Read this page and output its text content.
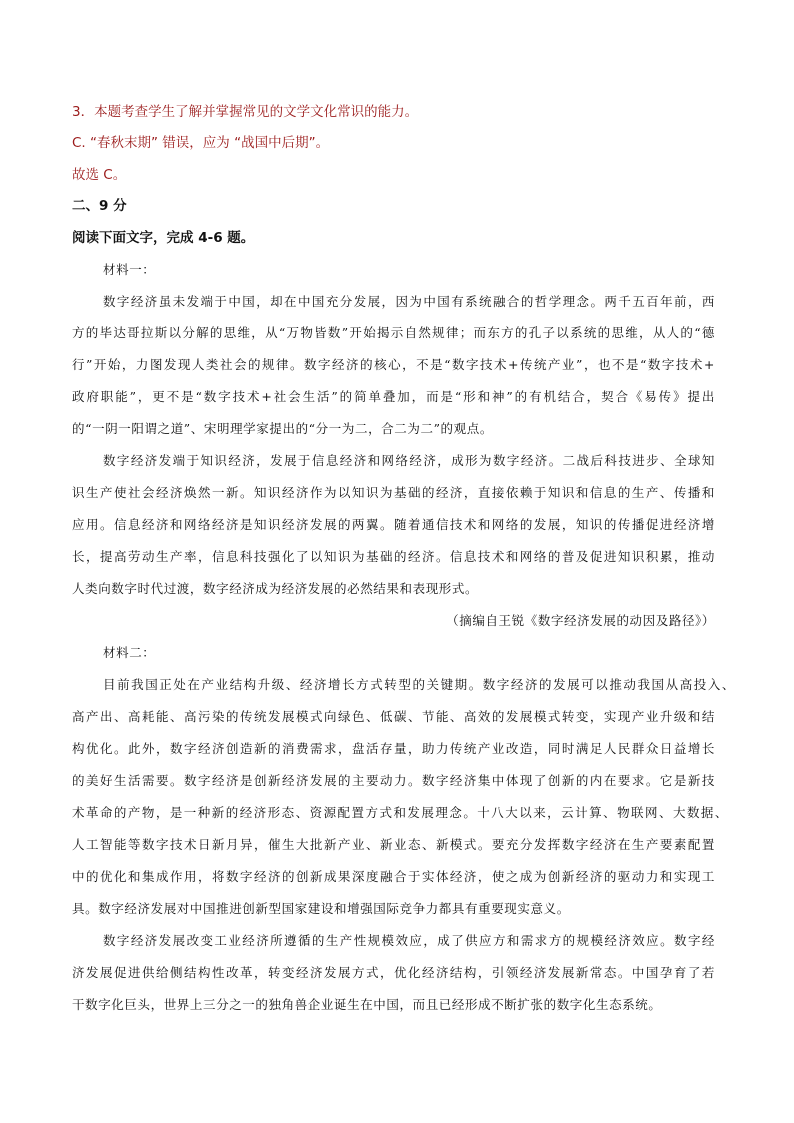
3．本题考查学生了解并掌握常见的文学文化常识的能力。
C. “春秋末期” 错误，应为 “战国中后期”。
故选 C。
二、9 分
阅读下面文字，完成 4-6 题。
材料一：
数字经济虽未发端于中国，却在中国充分发展，因为中国有系统融合的哲学理念。两千五百年前，西
方的毕达哥拉斯以分解的思维，从“万物皆数”开始揭示自然规律；而东方的孔子以系统的思维，从人的“德
行”开始，力图发现人类社会的规律。数字经济的核心，不是“数字技术+传统产业”，也不是“数字技术+
政府职能”，更不是“数字技术+社会生活”的简单叠加，而是“形和神”的有机结合，契合《易传》提出
的“一阴一阳谓之道”、宋明理学家提出的“分一为二，合二为二”的观点。
数字经济发端于知识经济，发展于信息经济和网络经济，成形为数字经济。二战后科技进步、全球知
识生产使社会经济焕然一新。知识经济作为以知识为基础的经济，直接依赖于知识和信息的生产、传播和
应用。信息经济和网络经济是知识经济发展的两翼。随着通信技术和网络的发展，知识的传播促进经济增
长，提高劳动生产率，信息科技强化了以知识为基础的经济。信息技术和网络的普及促进知识积累，推动
人类向数字时代过渡，数字经济成为经济发展的必然结果和表现形式。
（摘编自王锐《数字经济发展的动因及路径》）
材料二：
目前我国正处在产业结构升级、经济增长方式转型的关键期。数字经济的发展可以推动我国从高投入、
高产出、高耗能、高污染的传统发展模式向绿色、低碳、节能、高效的发展模式转变，实现产业升级和结
构优化。此外，数字经济创造新的消费需求，盘活存量，助力传统产业改造，同时满足人民群众日益增长
的美好生活需要。数字经济是创新经济发展的主要动力。数字经济集中体现了创新的内在要求。它是新技
术革命的产物，是一种新的经济形态、资源配置方式和发展理念。十八大以来，云计算、物联网、大数据、
人工智能等数字技术日新月异，催生大批新产业、新业态、新模式。要充分发挥数字经济在生产要素配置
中的优化和集成作用，将数字经济的创新成果深度融合于实体经济，使之成为创新经济的驱动力和实现工
具。数字经济发展对中国推进创新型国家建设和增强国际竞争力都具有重要现实意义。
数字经济发展改变工业经济所遵循的生产性规模效应，成了供应方和需求方的规模经济效应。数字经
济发展促进供给侧结构性改革，转变经济发展方式，优化经济结构，引领经济发展新常态。中国孕育了若
干数字化巨头，世界上三分之一的独角兽企业诞生在中国，而且已经形成不断扩张的数字化生态系统。
